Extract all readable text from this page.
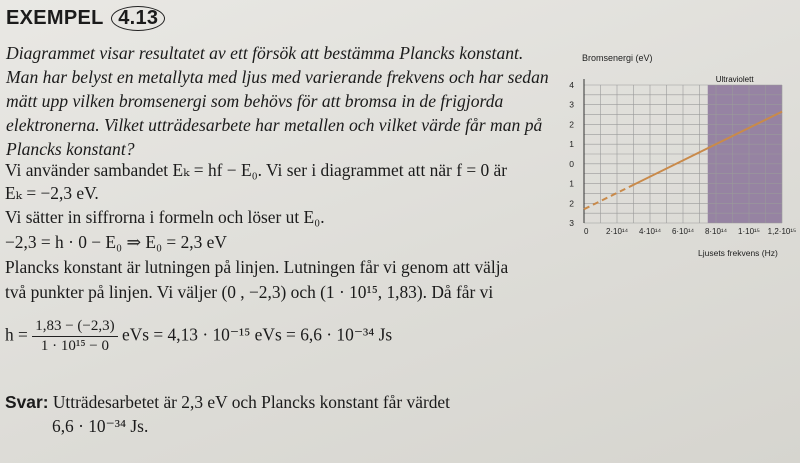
EXEMPEL 4.13
Diagrammet visar resultatet av ett försök att bestämma Plancks konstant. Man har belyst en metallyta med ljus med varierande frekvens och har sedan mätt upp vilken bromsenergi som behövs för att bromsa in de frigjorda elektronerna. Vilket utträdesarbete har metallen och vilket värde får man på Plancks konstant?
Vi använder sambandet Eₖ = hf − E₀. Vi ser i diagrammet att när f = 0 är
Eₖ = −2,3 eV.
Vi sätter in siffrorna i formeln och löser ut E₀.
−2,3 = h · 0 − E₀ ⇒ E₀ = 2,3 eV
Plancks konstant är lutningen på linjen. Lutningen får vi genom att välja
två punkter på linjen. Vi väljer (0 , −2,3) och (1 · 10¹⁵, 1,83). Då får vi
$h = \frac{1,83 - (-2,3)}{\text{1 · 10¹⁵ − 0}}$ eVs = 4,13 · 10⁻¹⁵ eVs = 6,6 · 10⁻³⁴ Js
Svar: Utträdesarbetet är 2,3 eV och Plancks konstant får värdet
6,6 · 10⁻³⁴ Js.
Bromsenergi (eV)
Ljusets frekvens (Hz)
Ultraviolett
4
3
2
1
0
1
2
3
0 2·10¹⁴ 4·10¹⁴ 6·10¹⁴ 8·10¹⁴ 1·10¹⁵ 1,2·10¹⁵
